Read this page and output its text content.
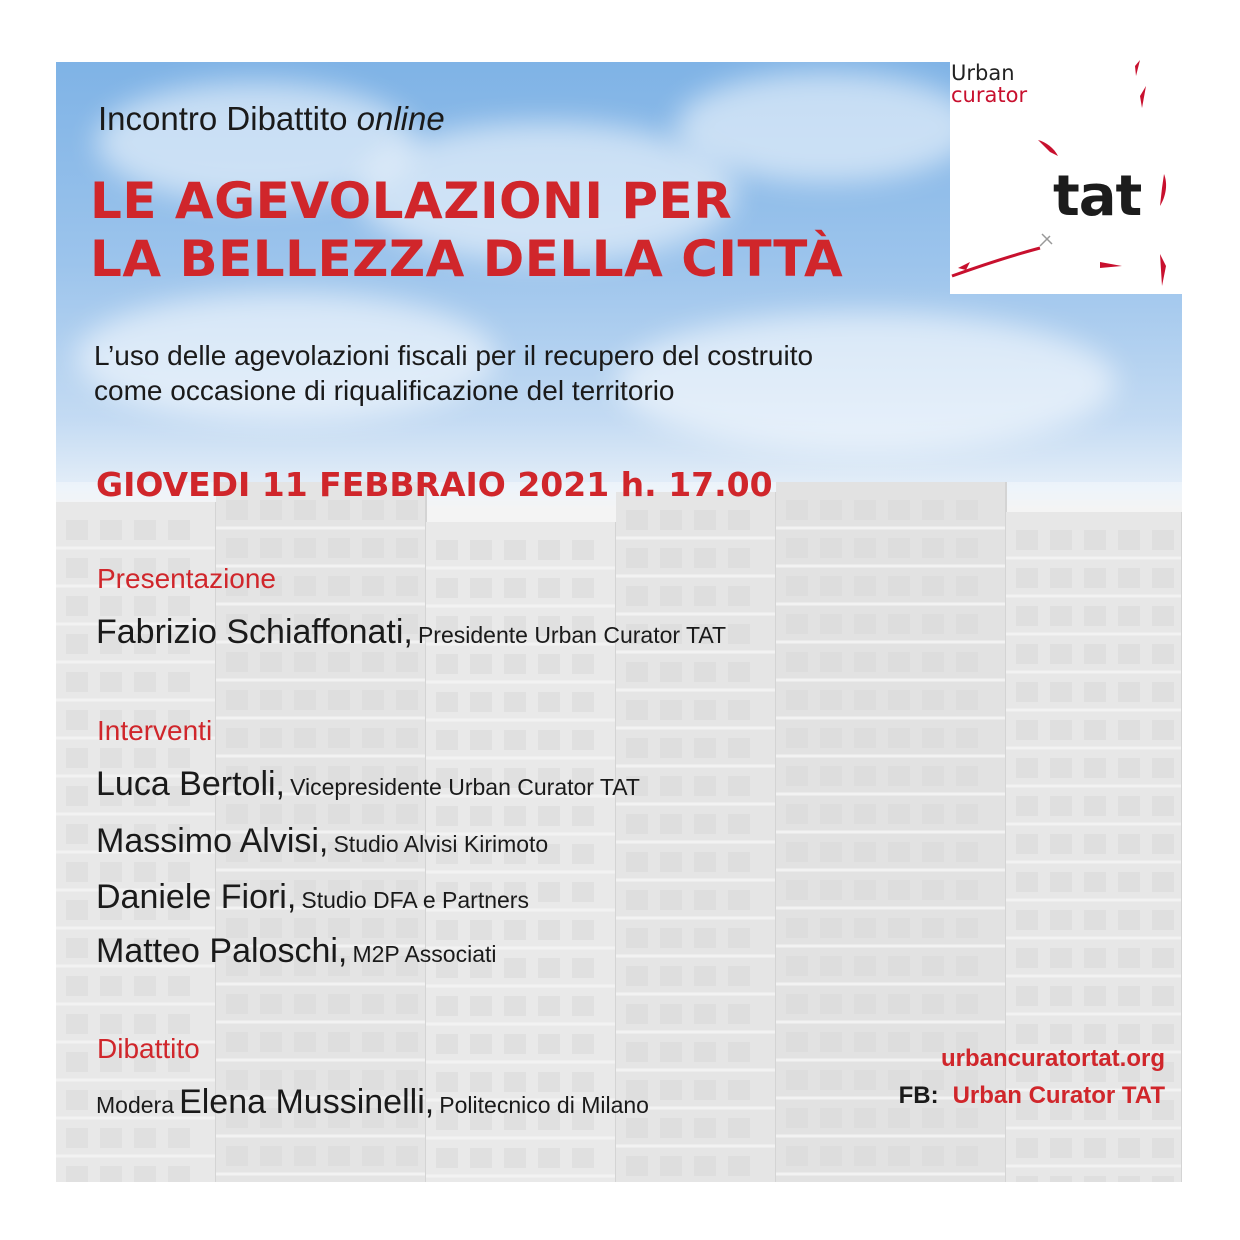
Urban
curator
tat
Incontro Dibattito online
LE AGEVOLAZIONI PER
LA BELLEZZA DELLA CITTÀ
L’uso delle agevolazioni fiscali per il recupero del costruito
come occasione di riqualificazione del territorio
GIOVEDI 11 FEBBRAIO 2021 h. 17.00
Presentazione
Fabrizio Schiaffonati, Presidente Urban Curator TAT
Interventi
Luca Bertoli, Vicepresidente Urban Curator TAT
Massimo Alvisi, Studio Alvisi Kirimoto
Daniele Fiori, Studio DFA e Partners
Matteo Paloschi, M2P Associati
Dibattito
Modera Elena Mussinelli, Politecnico di Milano
urbancuratortat.org
FB: Urban Curator TAT
